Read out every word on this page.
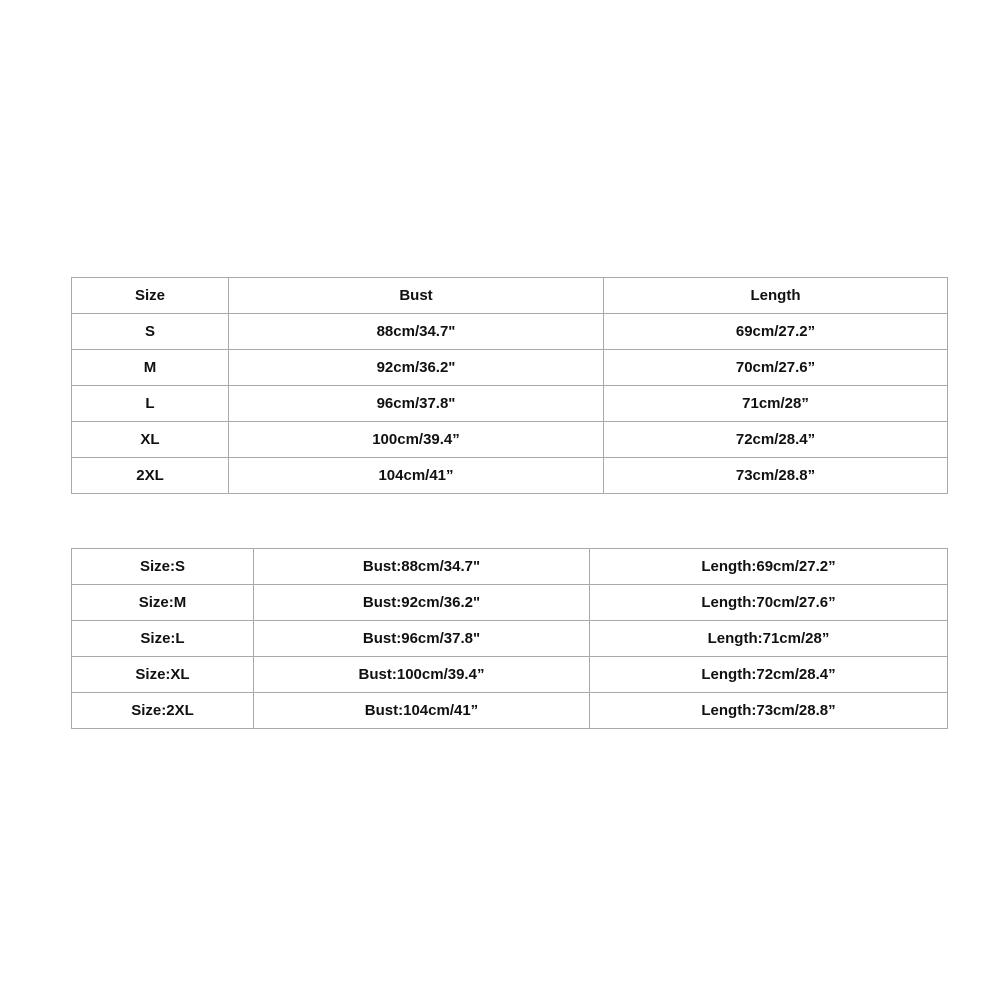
Size	Bust	Length
S	88cm/34.7"	69cm/27.2”
M	92cm/36.2"	70cm/27.6”
L	96cm/37.8"	71cm/28”
XL	100cm/39.4”	72cm/28.4”
2XL	104cm/41”	73cm/28.8”
Size:S	Bust:88cm/34.7"	Length:69cm/27.2”
Size:M	Bust:92cm/36.2"	Length:70cm/27.6”
Size:L	Bust:96cm/37.8"	Length:71cm/28”
Size:XL	Bust:100cm/39.4”	Length:72cm/28.4”
Size:2XL	Bust:104cm/41”	Length:73cm/28.8”
